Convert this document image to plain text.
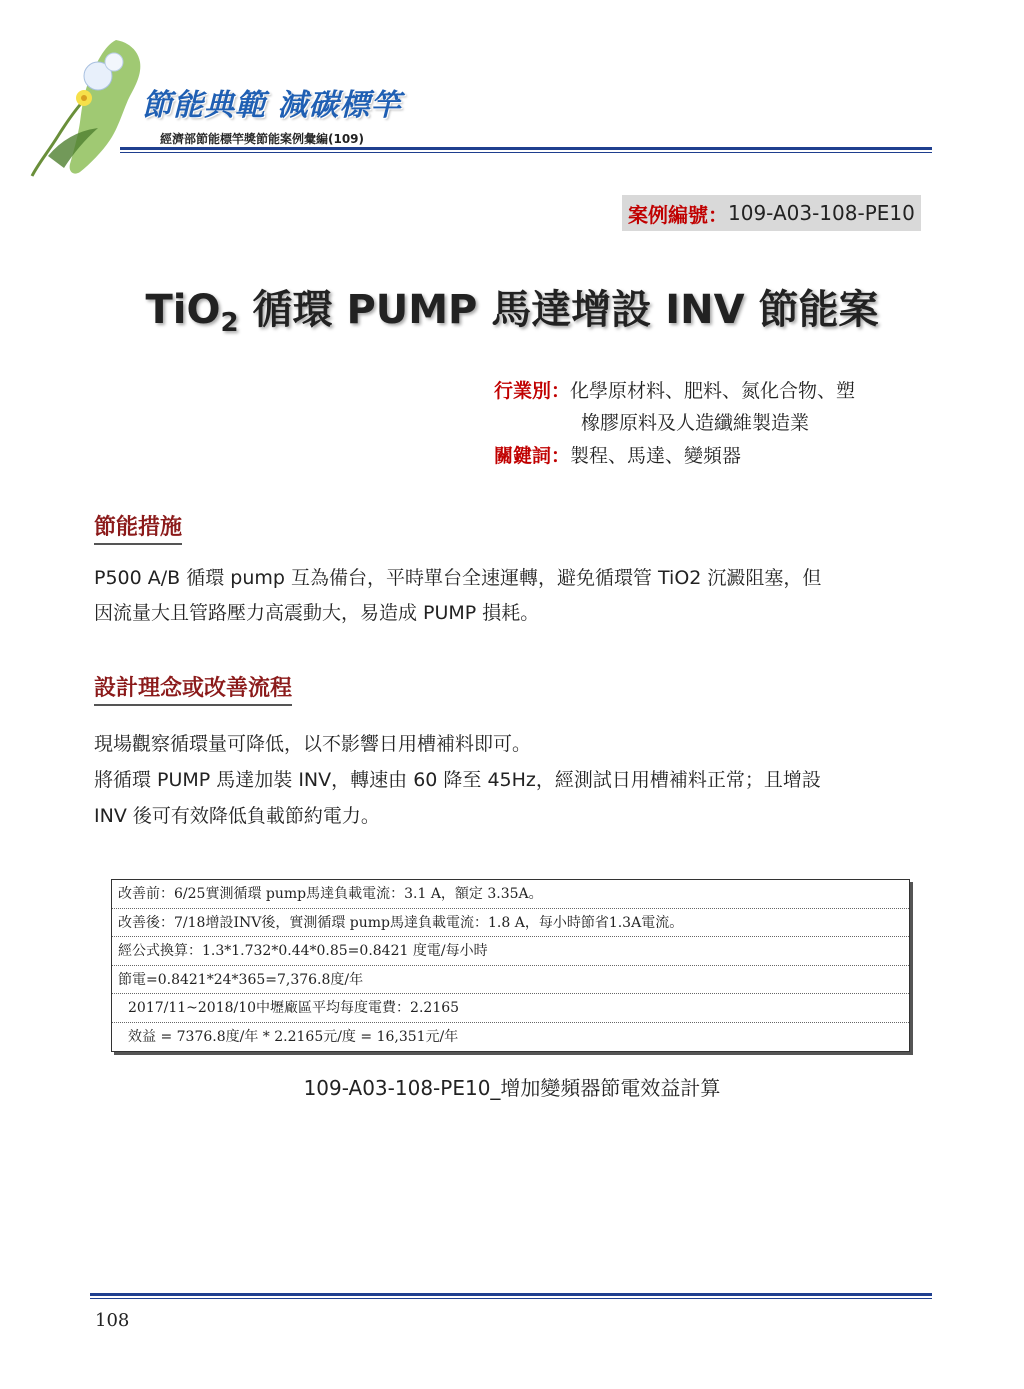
節能典範 減碳標竿
經濟部節能標竿獎節能案例彙編(109)
案例編號： 109-A03-108-PE10
TiO$_2$ 循環 PUMP 馬達增設 INV 節能案
行業別：化學原材料、肥料、氮化合物、塑
橡膠原料及人造纖維製造業
關鍵詞：製程、馬達、變頻器
節能措施
P500 A/B 循環 pump 互為備台，平時單台全速運轉，避免循環管 TiO2 沉澱阻塞，但
因流量大且管路壓力高震動大，易造成 PUMP 損耗。
設計理念或改善流程
現場觀察循環量可降低，以不影響日用槽補料即可。
將循環 PUMP 馬達加裝 INV，轉速由 60 降至 45Hz，經測試日用槽補料正常；且增設
INV 後可有效降低負載節約電力。
改善前：6/25實測循環 pump馬達負載電流：3.1 A，額定 3.35A。
改善後：7/18增設INV後，實測循環 pump馬達負載電流：1.8 A，每小時節省1.3A電流。
經公式換算：1.3*1.732*0.44*0.85=0.8421 度電/每小時
節電=0.8421*24*365=7,376.8度/年
2017/11~2018/10中壢廠區平均每度電費：2.2165
效益 = 7376.8度/年 * 2.2165元/度 = 16,351元/年
109-A03-108-PE10_增加變頻器節電效益計算
108
